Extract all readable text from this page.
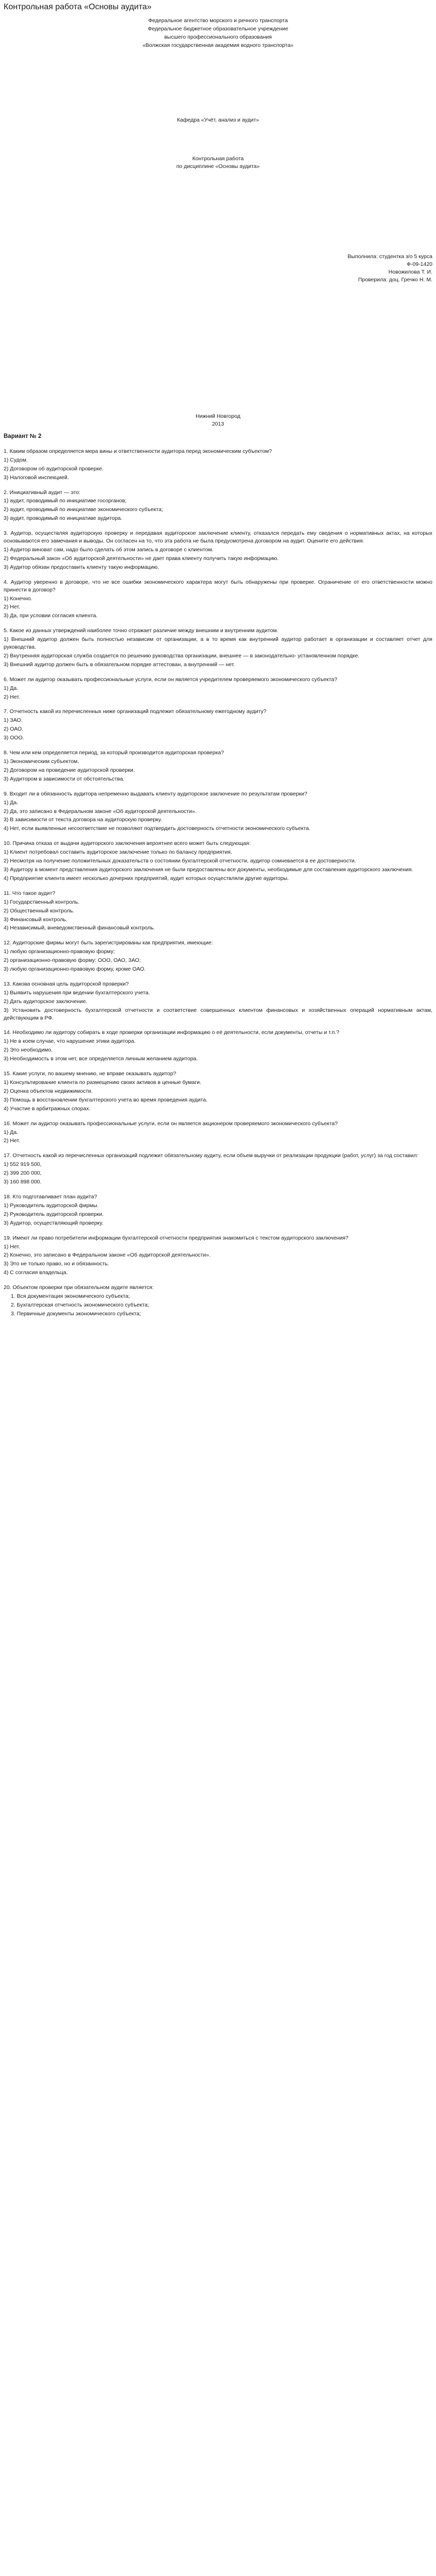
Контрольная работа «Основы аудита»
Федеральное агентство морского и речного транспорта
Федеральное бюджетное образовательное учреждение
высшего профессионального образования
«Волжская государственная академия водного транспорта»
Кафедра «Учёт, анализ и аудит»
Контрольная работа
по дисциплине «Основы аудита»
Выполнила: студентка з/о 5 курса
Ф-09-1420
Новожилова Т. И.
Проверила: доц. Гречко Н. М.
Нижний Новгород
2013
Вариант № 2

1. Каким образом определяется мера вины и ответственности аудитора перед экономическим субъектом?

1) Судом.
2) Договором об аудиторской проверке.
3) Налоговой инспекцией.

2. Инициативный аудит — это:

1) аудит, проводимый по инициативе госорганов;
2) аудит, проводимый по инициативе экономического субъекта;
3) аудит, проводимый по инициативе аудитора.

3. Аудитор, осуществляя аудиторскую проверку и передавая аудиторское заключение клиенту, отказался передать ему сведения о нормативных актах, на которых основываются его замечания и выводы. Он согласен на то, что эта работа не была предусмотрена договором на аудит. Оцените его действия.

1) Аудитор виноват сам, надо было сделать об этом запись в договоре с клиентом.
2) Федеральный закон «Об аудиторской деятельности» не дает права клиенту получить такую информацию.
3) Аудитор обязан предоставить клиенту такую информацию.

4. Аудитор уверенно в договоре, что не все ошибки экономического характера могут быть обнаружены при проверке. Ограничение от его ответственности можно принести в договор?

1) Конечно.
2) Нет.
3) Да, при условии согласия клиента.

5. Какое из данных утверждений наиболее точно отражает различие между внешним и внутренним аудитом.

1) Внешний аудитор должен быть полностью независим от организации, а в то время как внутренний аудитор работает в организации и составляет отчет для руководства.
2) Внутренняя аудиторская служба создается по решению руководства организации, внешнее — в законодательно- установленном порядке.
3) Внешний аудитор должен быть в обязательном порядке аттестован, а внутренний — нет.

6. Может ли аудитор оказывать профессиональные услуги, если он является учредителем проверяемого экономического субъекта?

1) Да.
2) Нет.

7. Отчетность какой из перечисленных ниже организаций подлежит обязательному ежегодному аудиту?

1) ЗАО.
2) ОАО.
3) ООО.

8. Чем или кем определяется период, за который производится аудиторская проверка?

1) Экономическим субъектом.
2) Договором на проведение аудиторской проверки.
3) Аудитором в зависимости от обстоятельства.

9. Входит ли в обязанность аудитора непременно выдавать клиенту аудиторское заключение по результатам проверки?

1) Да.
2) Да, это записано в Федеральном законе «Об аудиторской деятельности».
3) В зависимости от текста договора на аудиторскую проверку.
4) Нет, если выявленные несоответствие не позволяют подтвердить достоверность отчетности экономического субъекта.

10. Причина отказа от выдачи аудиторского заключения вероятнее всего может быть следующая:

1) Клиент потребовал составить аудиторское заключение только по балансу предприятия.
2) Несмотря на получение положительных доказательств о состоянии бухгалтерской отчетности, аудитор сомневается в ее достоверности.
3) Аудитору в момент представления аудиторского заключения не были предоставлены все документы, необходимые для составления аудиторского заключения.
4) Предприятие клиента имеет несколько дочерних предприятий, аудит которых осуществляли другие аудиторы.

11. Что такое аудит?

1) Государственный контроль.
2) Общественный контроль.
3) Финансовый контроль.
4) Независимый, вневедомственный финансовый контроль.

12. Аудиторские фирмы могут быть зарегистрированы как предприятия, имеющие:

1) любую организационно-правовую форму;
2) организационно-правовую форму: ООО, ОАО, ЗАО;
3) любую организационно-правовую форму, кроме ОАО.

13. Какова основная цель аудиторской проверки?

1) Выявить нарушения при ведении бухгалтерского учета.
2) Дать аудиторское заключение.
3) Установить достоверность бухгалтерской отчетности и соответствие совершенных клиентом финансовых и хозяйственных операций нормативным актам, действующим в РФ.

14. Необходимо ли аудитору собирать в ходе проверки организации информацию о её деятельности, если документы, отчеты и т.п.?

1) Не в коем случае, что нарушение этики аудитора.
2) Это необходимо.
3) Необходимость в этом нет, все определяется личным желанием аудитора.

15. Какие услуги, по вашему мнению, не вправе оказывать аудитор?

1) Консультирование клиента по размещению своих активов в ценные бумаги.
2) Оценка объектов недвижимости.
3) Помощь в восстановлении бухгалтерского учета во время проведения аудита.
4) Участие в арбитражных спорах.

16. Может ли аудитор оказывать профессиональные услуги, если он является акционером проверяемого экономического субъекта?

1) Да.
2) Нет.

17. Отчетность какой из перечисленных организаций подлежит обязательному аудиту, если объем выручки от реализации продукции (работ, услуг) за год составил:

1) 552 919 500,
2) 399 200 000,
3) 160 898 000.

18. Кто подготавливает план аудита?

1) Руководитель аудиторской фирмы.
2) Руководитель аудиторской проверки.
3) Аудитор, осуществляющий проверку.

19. Имеют ли право потребители информации бухгалтерской отчетности предприятия знакомиться с текстом аудиторского заключения?

1) Нет.
2) Конечно, это записано в Федеральном законе «Об аудиторской деятельности».
3) Это не только право, но и обязанность.
4) С согласия владельца.

20. Объектом проверки при обязательном аудите является:

1. Вся документация экономического субъекта;
2. Бухгалтерская отчетность экономического субъекта;
3. Первичные документы экономического субъекта;
